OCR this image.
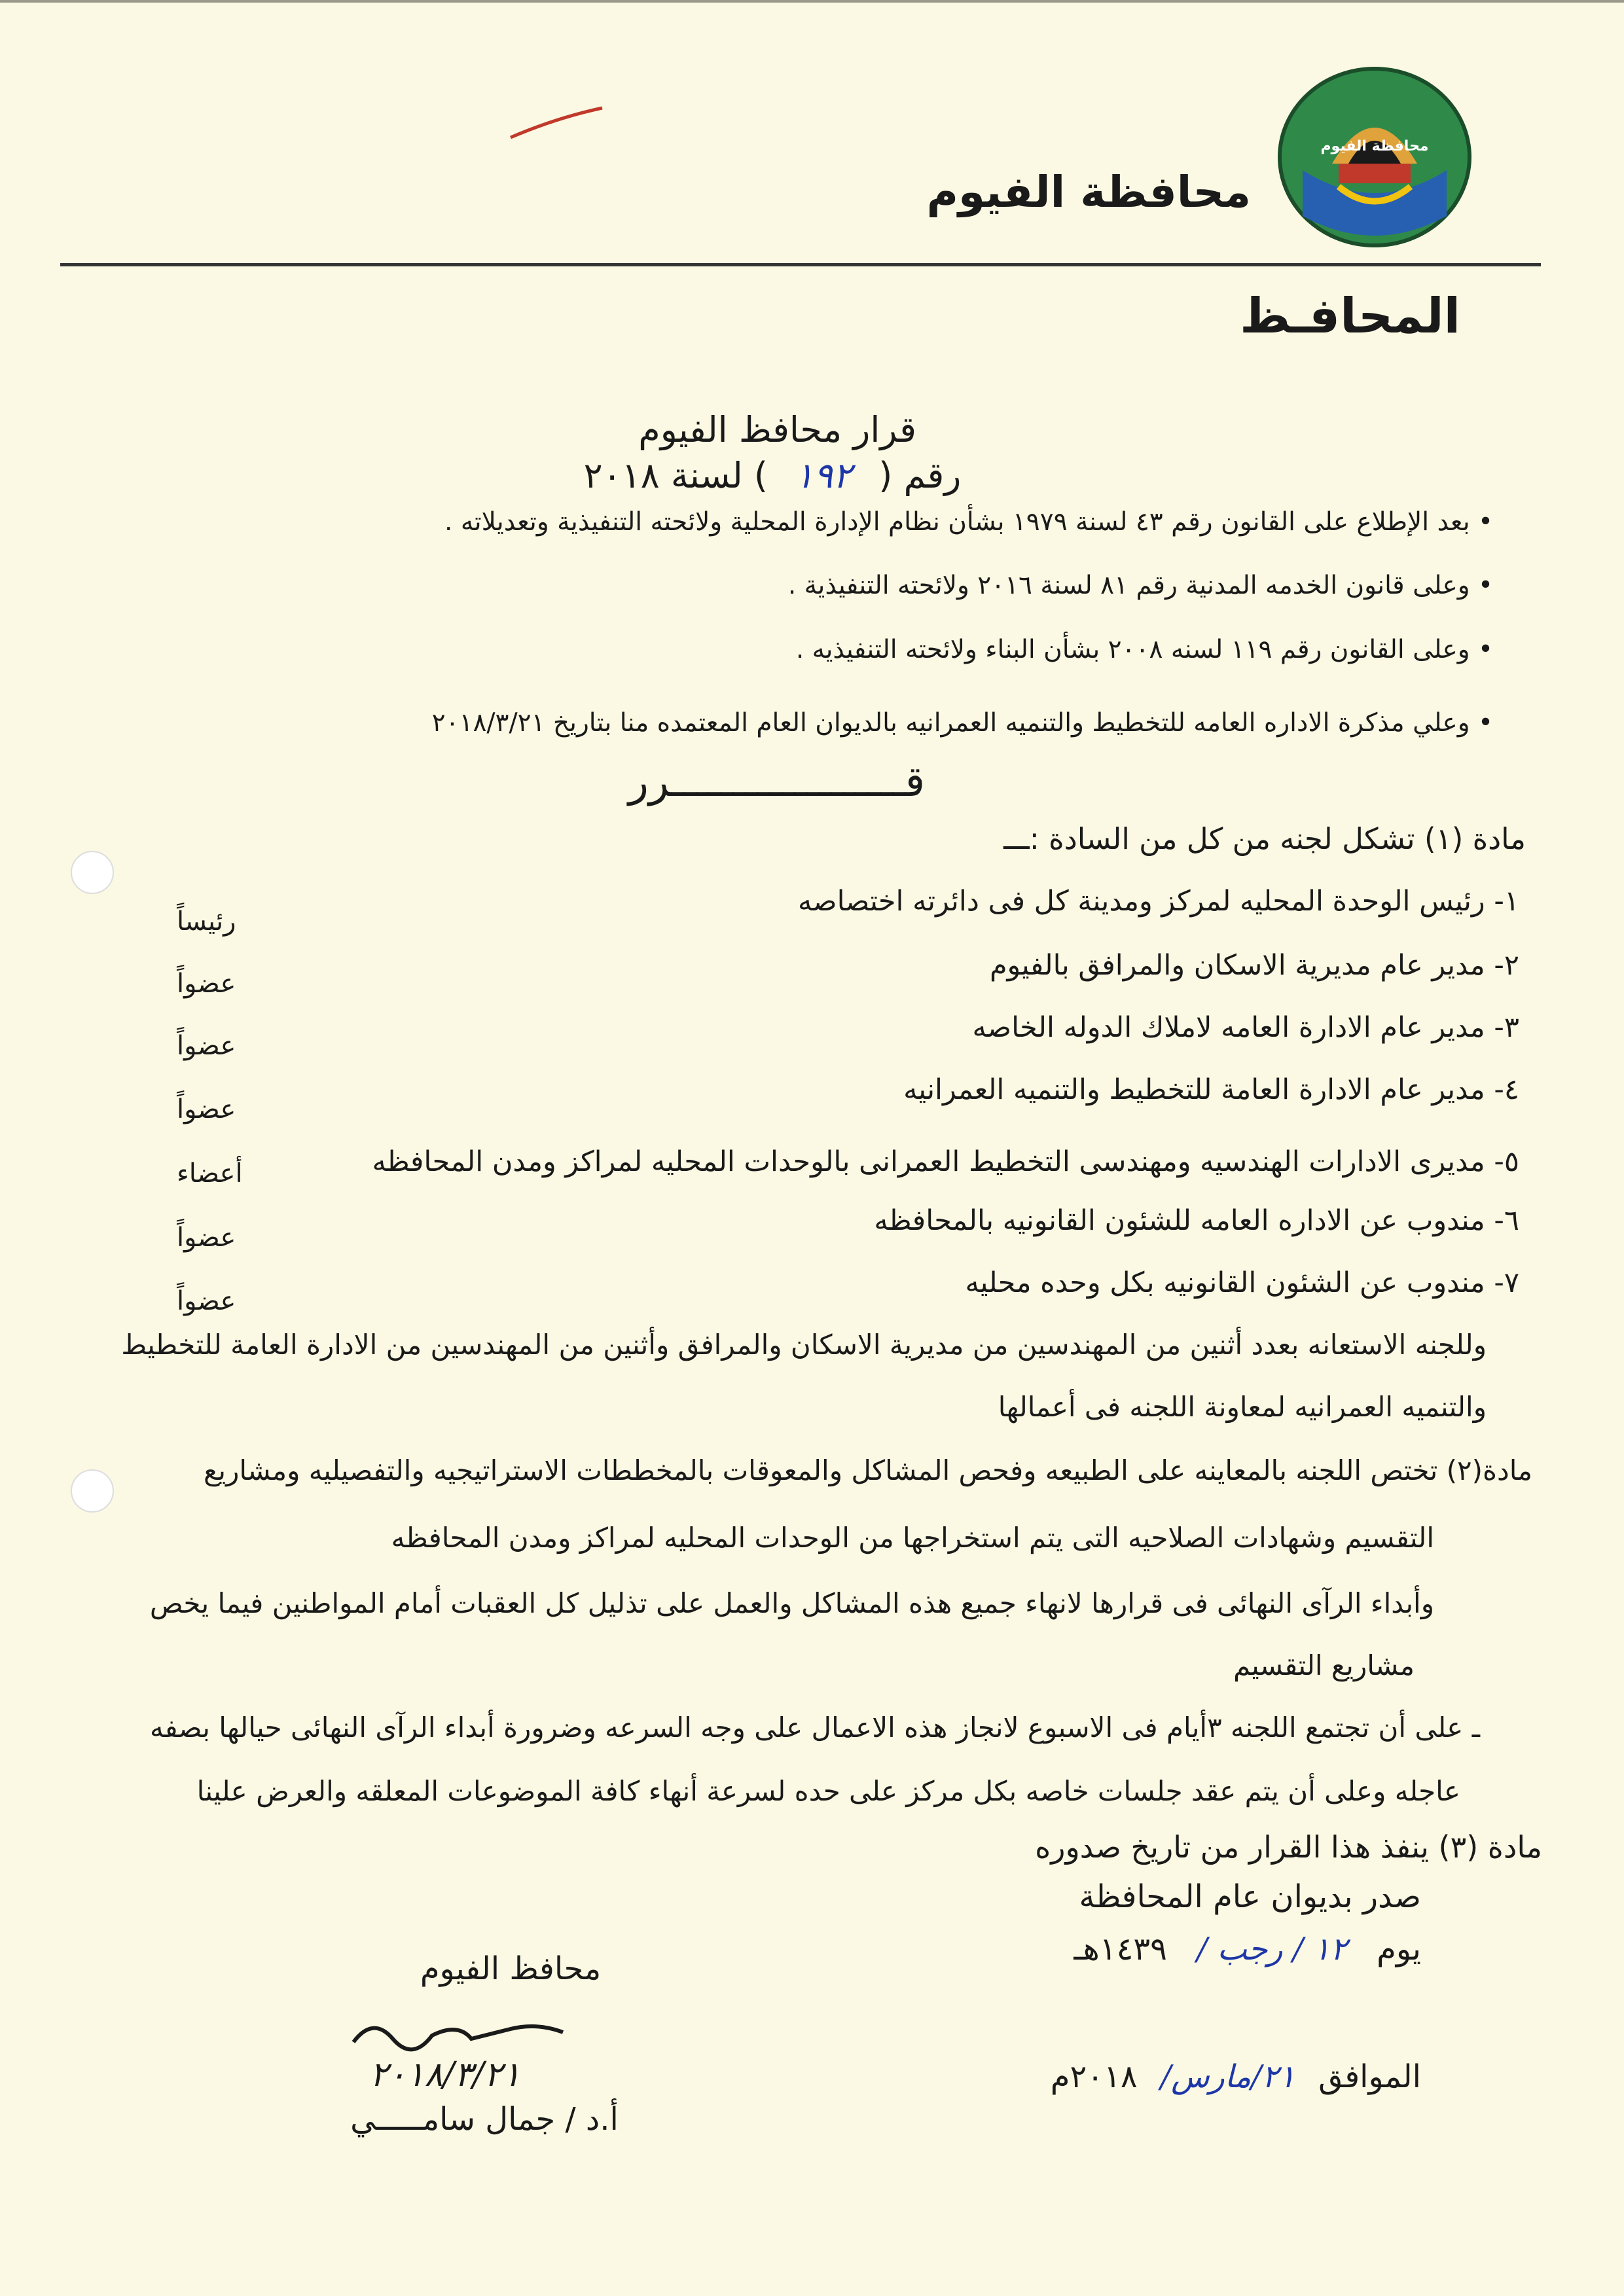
محافظة الفيوم
محافظة الفيوم
المحافـظ
قرار محافظ الفيوم
رقم ( ١٩٢ ) لسنة ٢٠١٨
• بعد الإطلاع على القانون رقم ٤٣ لسنة ١٩٧٩ بشأن نظام الإدارة المحلية ولائحته التنفيذية وتعديلاته .
• وعلى قانون الخدمه المدنية رقم ٨١ لسنة ٢٠١٦ ولائحته التنفيذية .
• وعلى القانون رقم ١١٩ لسنه ٢٠٠٨ بشأن البناء ولائحته التنفيذيه .
• وعلي مذكرة الاداره العامه للتخطيط والتنميه العمرانيه بالديوان العام المعتمده منا بتاريخ ٢٠١٨/٣/٢١
قـــــــــــــــــــرر
مادة (١) تشكل لجنه من كل من السادة :ـــ
١- رئيس الوحدة المحليه لمركز ومدينة كل فى دائرته اختصاصه
رئيساً
٢- مدير عام مديرية الاسكان والمرافق بالفيوم
عضواً
٣- مدير عام الادارة العامه لاملاك الدوله الخاصه
عضواً
٤- مدير عام الادارة العامة للتخطيط والتنميه العمرانيه
عضواً
٥- مديرى الادارات الهندسيه ومهندسى التخطيط العمرانى بالوحدات المحليه لمراكز ومدن المحافظه
أعضاء
٦- مندوب عن الاداره العامه للشئون القانونيه بالمحافظه
عضواً
٧- مندوب عن الشئون القانونيه بكل وحده محليه
عضواً
وللجنه الاستعانه بعدد أثنين من المهندسين من مديرية الاسكان والمرافق وأثنين من المهندسين من الادارة العامة للتخطيط
والتنميه العمرانيه لمعاونة اللجنه فى أعمالها
مادة(٢) تختص اللجنه بالمعاينه على الطبيعه وفحص المشاكل والمعوقات بالمخططات الاستراتيجيه والتفصيليه ومشاريع
التقسيم وشهادات الصلاحيه التى يتم استخراجها من الوحدات المحليه لمراكز ومدن المحافظه
وأبداء الرآى النهائى فى قرارها لانهاء جميع هذه المشاكل والعمل على تذليل كل العقبات أمام المواطنين فيما يخص
مشاريع التقسيم
ـ على أن تجتمع اللجنه ٣أيام فى الاسبوع لانجاز هذه الاعمال على وجه السرعه وضرورة أبداء الرآى النهائى حيالها بصفه
عاجله وعلى أن يتم عقد جلسات خاصه بكل مركز على حده لسرعة أنهاء كافة الموضوعات المعلقه والعرض علينا
مادة (٣) ينفذ هذا القرار من تاريخ صدوره
صدر بديوان عام المحافظة
يوم ١٢ / رجب / ١٤٣٩هـ
الموافق ٢١/مارس/ ٢٠١٨م
محافظ الفيوم
٢٠١٨/٣/٢١
أ.د / جمال سامـــــي
